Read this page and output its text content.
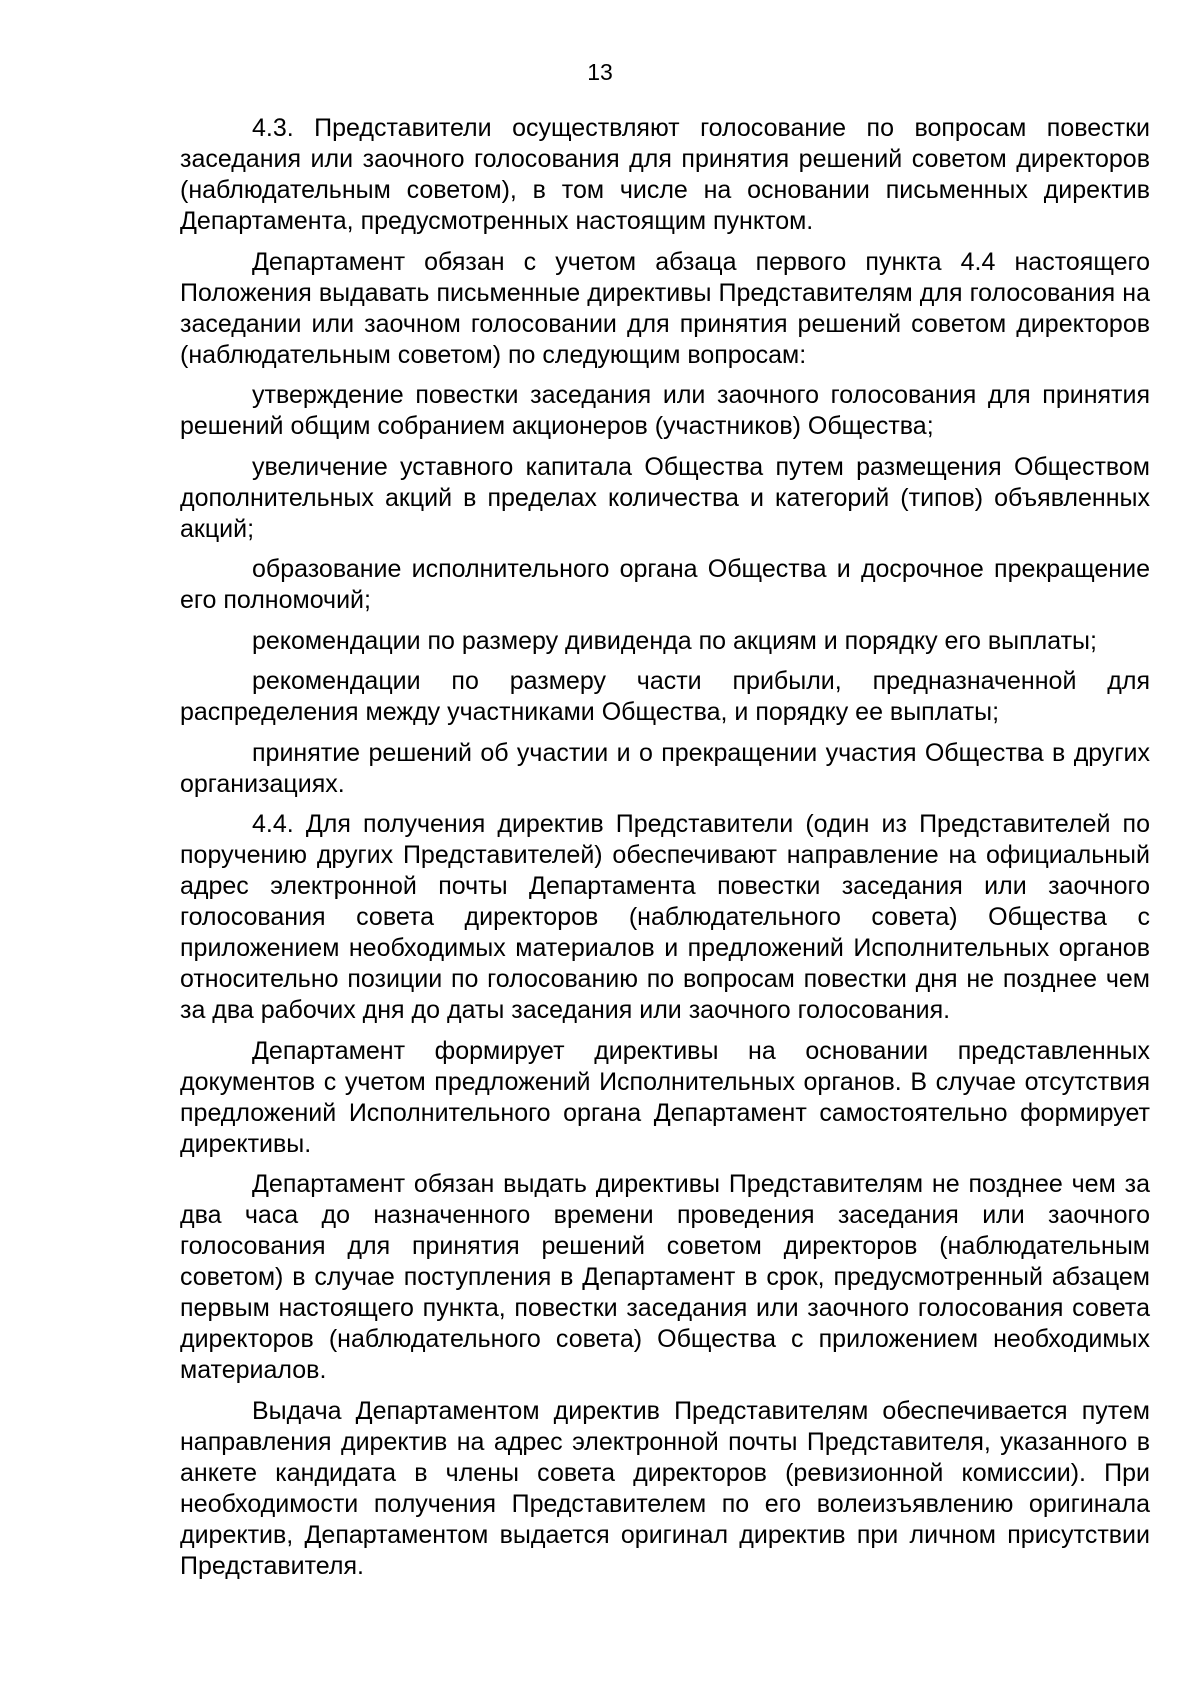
13

4.3. Представители осуществляют голосование по вопросам повестки заседания или заочного голосования для принятия решений советом директоров (наблюдательным советом), в том числе на основании письменных директив Департамента, предусмотренных настоящим пунктом.

Департамент обязан с учетом абзаца первого пункта 4.4 настоящего Положения выдавать письменные директивы Представителям для голосования на заседании или заочном голосовании для принятия решений советом директоров (наблюдательным советом) по следующим вопросам:

утверждение повестки заседания или заочного голосования для принятия решений общим собранием акционеров (участников) Общества;

увеличение уставного капитала Общества путем размещения Обществом дополнительных акций в пределах количества и категорий (типов) объявленных акций;

образование исполнительного органа Общества и досрочное прекращение его полномочий;

рекомендации по размеру дивиденда по акциям и порядку его выплаты;

рекомендации по размеру части прибыли, предназначенной для распределения между участниками Общества, и порядку ее выплаты;

принятие решений об участии и о прекращении участия Общества в других организациях.

4.4. Для получения директив Представители (один из Представителей по поручению других Представителей) обеспечивают направление на официальный адрес электронной почты Департамента повестки заседания или заочного голосования совета директоров (наблюдательного совета) Общества с приложением необходимых материалов и предложений Исполнительных органов относительно позиции по голосованию по вопросам повестки дня не позднее чем за два рабочих дня до даты заседания или заочного голосования.

Департамент формирует директивы на основании представленных документов с учетом предложений Исполнительных органов. В случае отсутствия предложений Исполнительного органа Департамент самостоятельно формирует директивы.

Департамент обязан выдать директивы Представителям не позднее чем за два часа до назначенного времени проведения заседания или заочного голосования для принятия решений советом директоров (наблюдательным советом) в случае поступления в Департамент в срок, предусмотренный абзацем первым настоящего пункта, повестки заседания или заочного голосования совета директоров (наблюдательного совета) Общества с приложением необходимых материалов.

Выдача Департаментом директив Представителям обеспечивается путем направления директив на адрес электронной почты Представителя, указанного в анкете кандидата в члены совета директоров (ревизионной комиссии). При необходимости получения Представителем по его волеизъявлению оригинала директив, Департаментом выдается оригинал директив при личном присутствии Представителя.
